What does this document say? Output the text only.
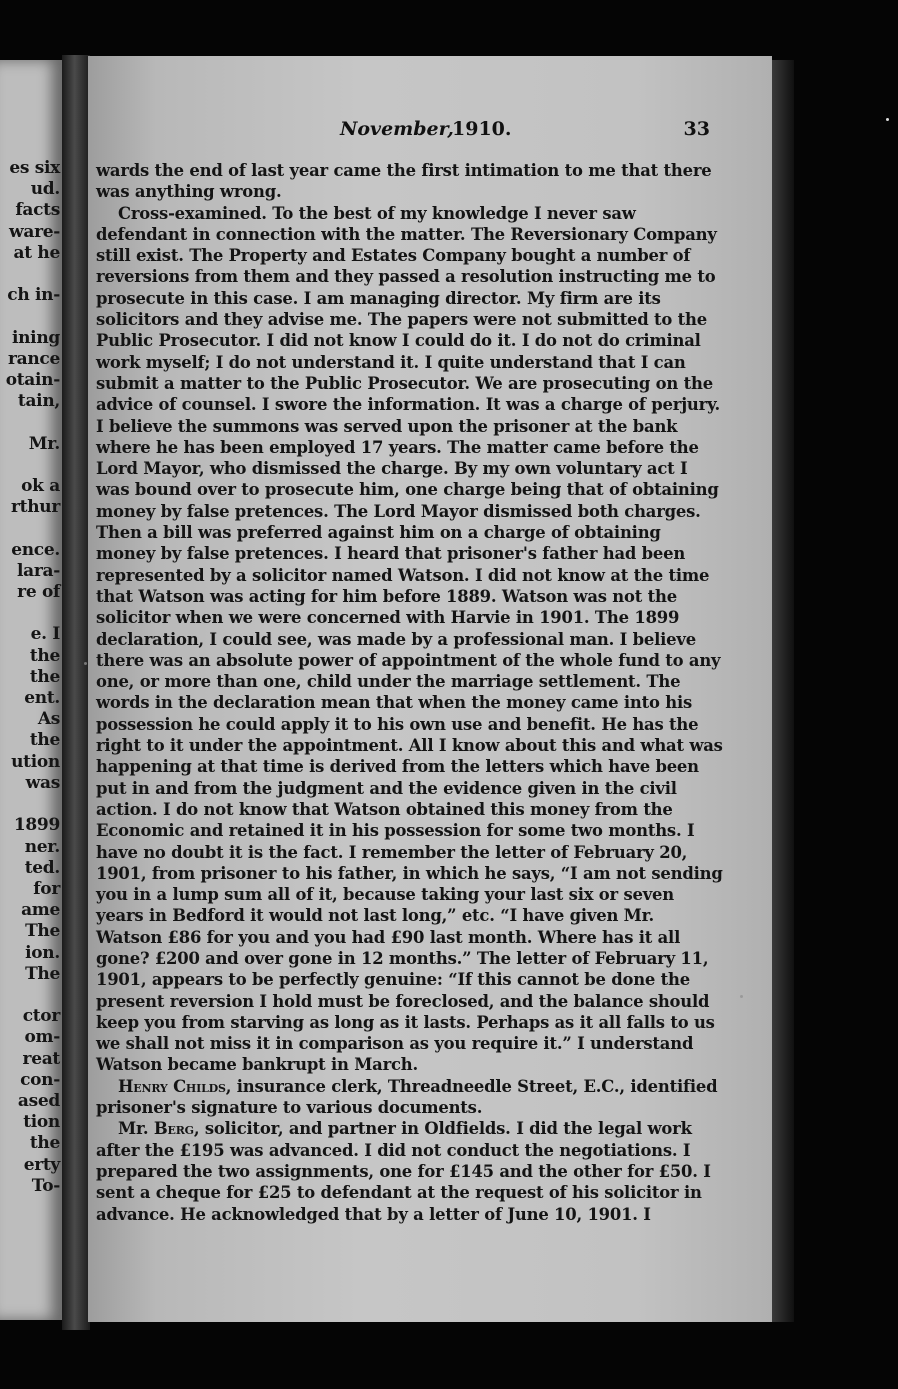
es six
ud.
facts
ware-
at he

ch in-

ining
rance
otain-
tain,

Mr.

ok a
rthur

ence.
lara-
re of

e. I
the
the
ent.
As
the
ution
was

1899
ner.
ted.
for
ame
The
ion.
The

ctor
om-
reat
con-
ased
tion
the
erty
To-
November,
1910.	33

wards the end of last year came the first intimation to me that there was anything wrong.

Cross-examined. To the best of my knowledge I never saw defendant in connection with the matter. The Reversionary Company still exist. The Property and Estates Company bought a number of reversions from them and they passed a resolution instructing me to prosecute in this case. I am managing director. My firm are its solicitors and they advise me. The papers were not submitted to the Public Prosecutor. I did not know I could do it. I do not do criminal work myself; I do not understand it. I quite understand that I can submit a matter to the Public Prosecutor. We are prosecuting on the advice of counsel. I swore the information. It was a charge of perjury. I believe the summons was served upon the prisoner at the bank where he has been employed 17 years. The matter came before the Lord Mayor, who dismissed the charge. By my own voluntary act I was bound over to prosecute him, one charge being that of obtaining money by false pretences. The Lord Mayor dismissed both charges. Then a bill was preferred against him on a charge of obtaining money by false pretences. I heard that prisoner's father had been represented by a solicitor named Watson. I did not know at the time that Watson was acting for him before 1889. Watson was not the solicitor when we were concerned with Harvie in 1901. The 1899 declaration, I could see, was made by a professional man. I believe there was an absolute power of appointment of the whole fund to any one, or more than one, child under the marriage settlement. The words in the declaration mean that when the money came into his possession he could apply it to his own use and benefit. He has the right to it under the appointment. All I know about this and what was happening at that time is derived from the letters which have been put in and from the judgment and the evidence given in the civil action. I do not know that Watson obtained this money from the Economic and retained it in his possession for some two months. I have no doubt it is the fact. I remember the letter of February 20, 1901, from prisoner to his father, in which he says, “I am not sending you in a lump sum all of it, because taking your last six or seven years in Bedford it would not last long,” etc. “I have given Mr. Watson £86 for you and you had £90 last month. Where has it all gone? £200 and over gone in 12 months.” The letter of February 11, 1901, appears to be perfectly genuine: “If this cannot be done the present reversion I hold must be foreclosed, and the balance should keep you from starving as long as it lasts. Perhaps as it all falls to us we shall not miss it in comparison as you require it.” I understand Watson became bankrupt in March.

Henry Childs, insurance clerk, Threadneedle Street, E.C., identified prisoner's signature to various documents.

Mr. Berg, solicitor, and partner in Oldfields. I did the legal work after the £195 was advanced. I did not conduct the negotiations. I prepared the two assignments, one for £145 and the other for £50. I sent a cheque for £25 to defendant at the request of his solicitor in advance. He acknowledged that by a letter of June 10, 1901. I
